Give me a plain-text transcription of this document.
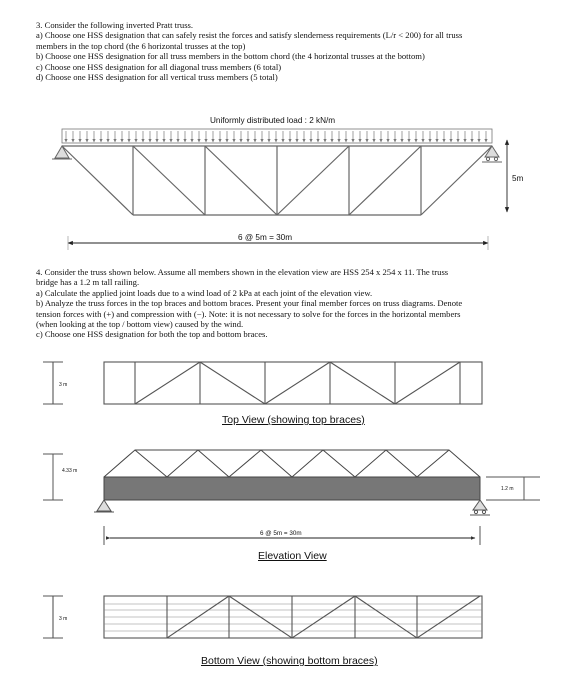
3. Consider the following inverted Pratt truss.
a) Choose one HSS designation that can safely resist the forces and satisfy slenderness requirements (L/r < 200) for all truss
members in the top chord (the 6 horizontal trusses at the top)
b) Choose one HSS designation for all truss members in the bottom chord (the 4 horizontal trusses at the bottom)
c) Choose one HSS designation for all diagonal truss members (6 total)
d) Choose one HSS designation for all vertical truss members (5 total)
4. Consider the truss shown below. Assume all members shown in the elevation view are HSS 254 x 254 x 11. The truss
bridge has a 1.2 m tall railing.
a) Calculate the applied joint loads due to a wind load of 2 kPa at each joint of the elevation view.
b) Analyze the truss forces in the top braces and bottom braces. Present your final member forces on truss diagrams. Denote
tension forces with (+) and compression with (−). Note: it is not necessary to solve for the forces in the horizontal members
(when looking at the top / bottom view) caused by the wind.
c) Choose one HSS designation for both the top and bottom braces.
Uniformly distributed load : 2 kN/m
5m
6 @ 5m = 30m
3 m
4.33 m
1.2 m
6 @ 5m = 30m
3 m
Top View (showing top braces)
Elevation View
Bottom View (showing bottom braces)
